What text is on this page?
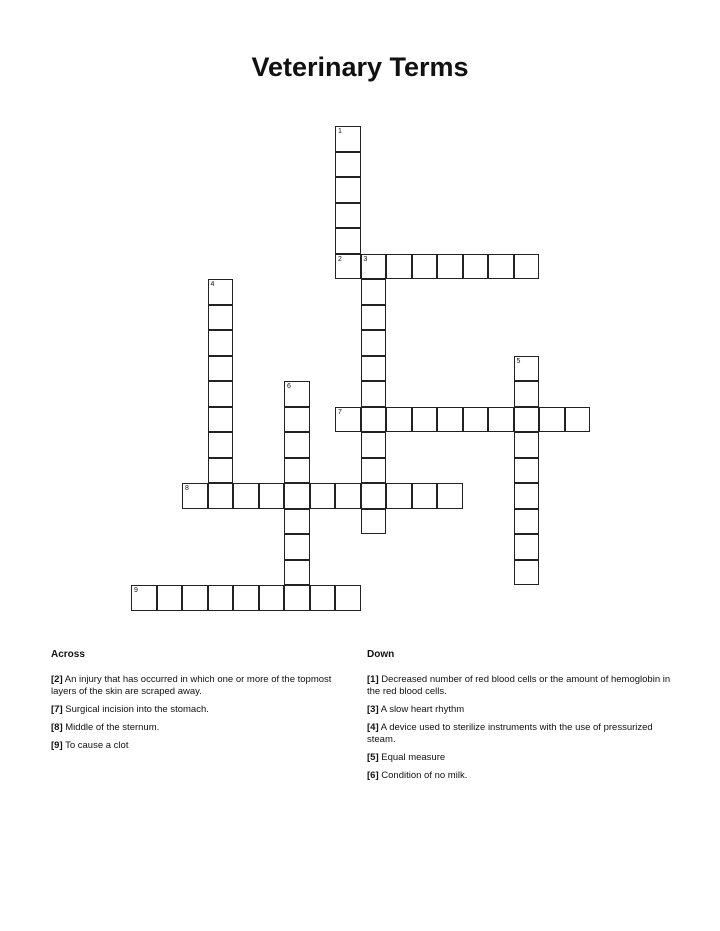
Veterinary Terms
1
2	3
4
5
6
7
8
9
Across
[2] An injury that has occurred in which one or more of the topmost layers of the skin are scraped away.
[7] Surgical incision into the stomach.
[8] Middle of the sternum.
[9] To cause a clot
Down
[1] Decreased number of red blood cells or the amount of hemoglobin in the red blood cells.
[3] A slow heart rhythm
[4] A device used to sterilize instruments with the use of pressurized steam.
[5] Equal measure
[6] Condition of no milk.
